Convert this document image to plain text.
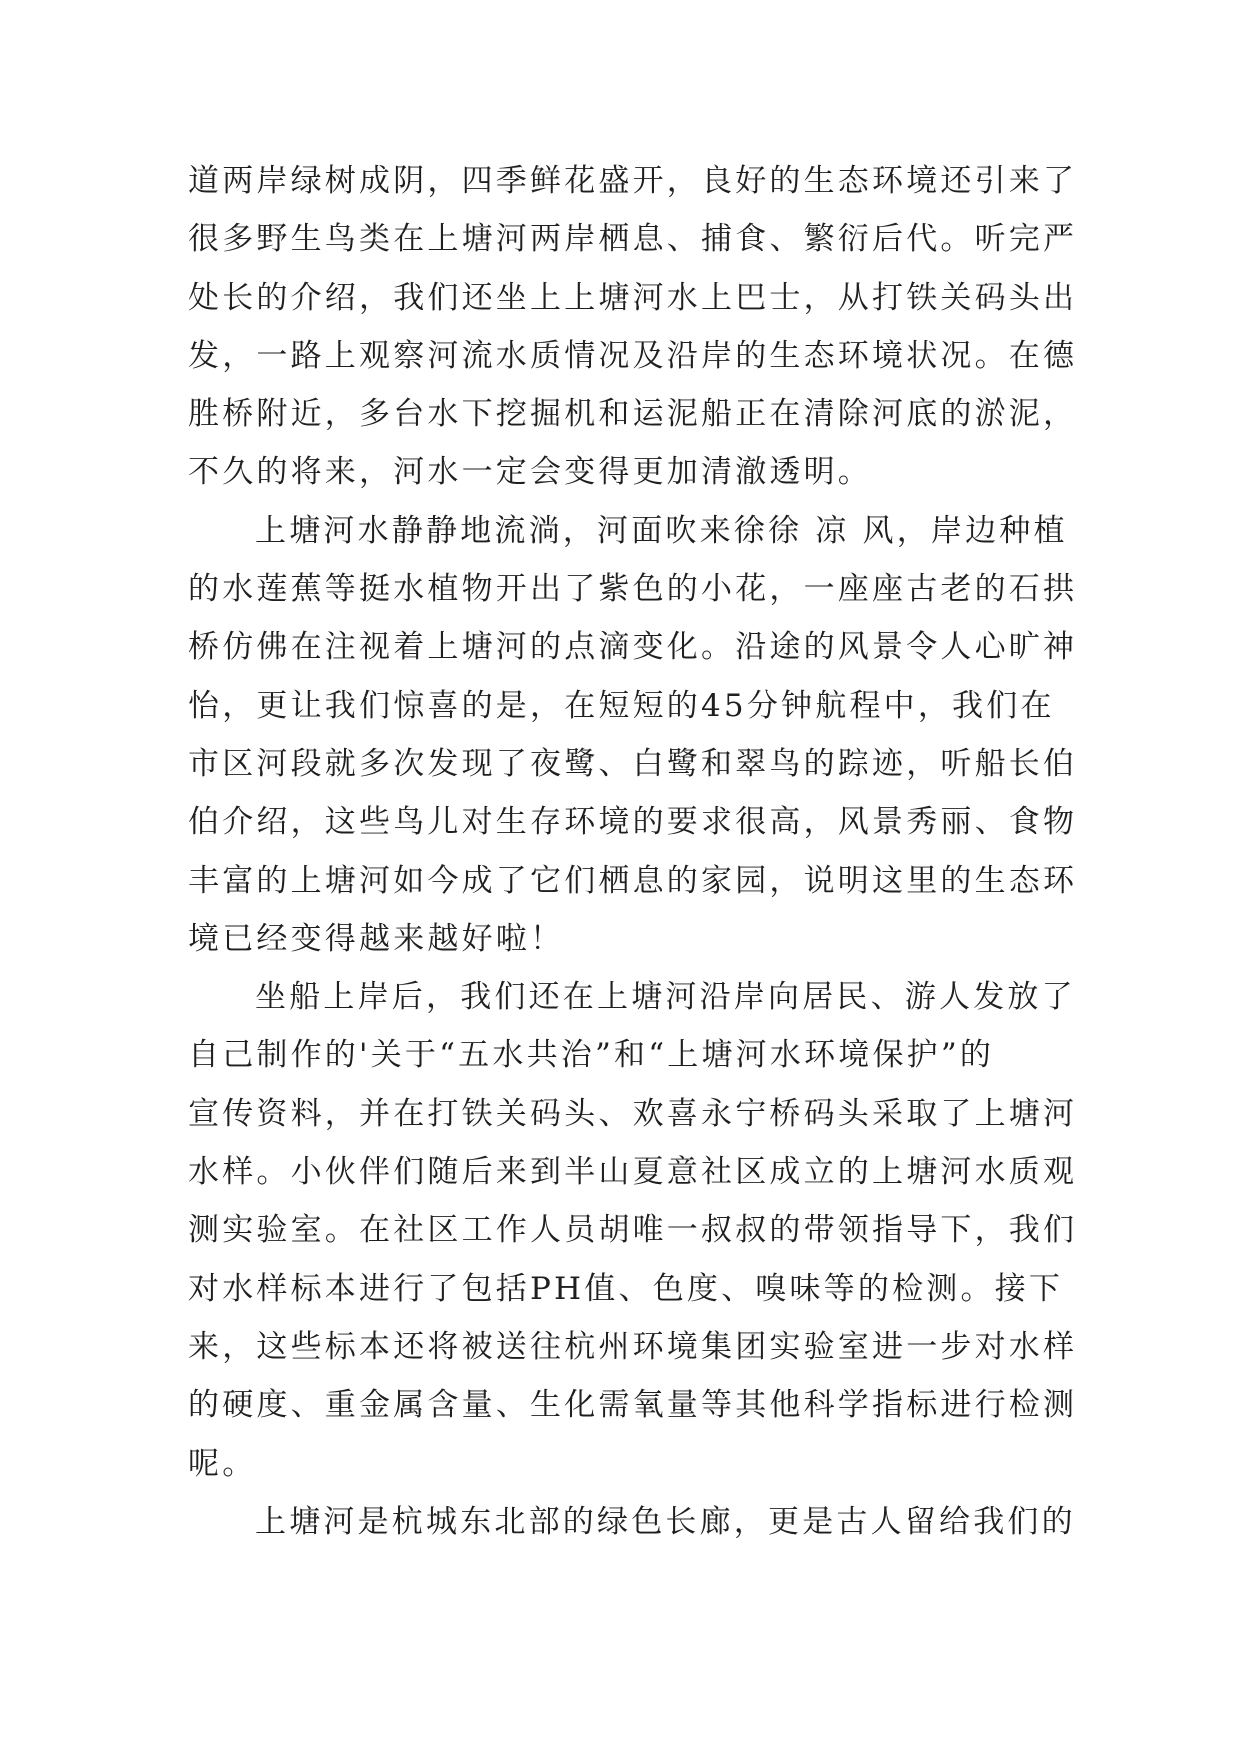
道两岸绿树成阴，四季鲜花盛开，良好的生态环境还引来了
很多野生鸟类在上塘河两岸栖息、捕食、繁衍后代。听完严
处长的介绍，我们还坐上上塘河水上巴士，从打铁关码头出
发，一路上观察河流水质情况及沿岸的生态环境状况。在德
胜桥附近，多台水下挖掘机和运泥船正在清除河底的淤泥，
不久的将来，河水一定会变得更加清澈透明。
上塘河水静静地流淌，河面吹来徐徐 凉 风，岸边种植
的水莲蕉等挺水植物开出了紫色的小花，一座座古老的石拱
桥仿佛在注视着上塘河的点滴变化。沿途的风景令人心旷神
怡，更让我们惊喜的是，在短短的45分钟航程中，我们在
市区河段就多次发现了夜鹭、白鹭和翠鸟的踪迹，听船长伯
伯介绍，这些鸟儿对生存环境的要求很高，风景秀丽、食物
丰富的上塘河如今成了它们栖息的家园，说明这里的生态环
境已经变得越来越好啦！
坐船上岸后，我们还在上塘河沿岸向居民、游人发放了
自己制作的'关于“五水共治”和“上塘河水环境保护”的
宣传资料，并在打铁关码头、欢喜永宁桥码头采取了上塘河
水样。小伙伴们随后来到半山夏意社区成立的上塘河水质观
测实验室。在社区工作人员胡唯一叔叔的带领指导下，我们
对水样标本进行了包括PH值、色度、嗅味等的检测。接下
来，这些标本还将被送往杭州环境集团实验室进一步对水样
的硬度、重金属含量、生化需氧量等其他科学指标进行检测
呢。
上塘河是杭城东北部的绿色长廊，更是古人留给我们的
